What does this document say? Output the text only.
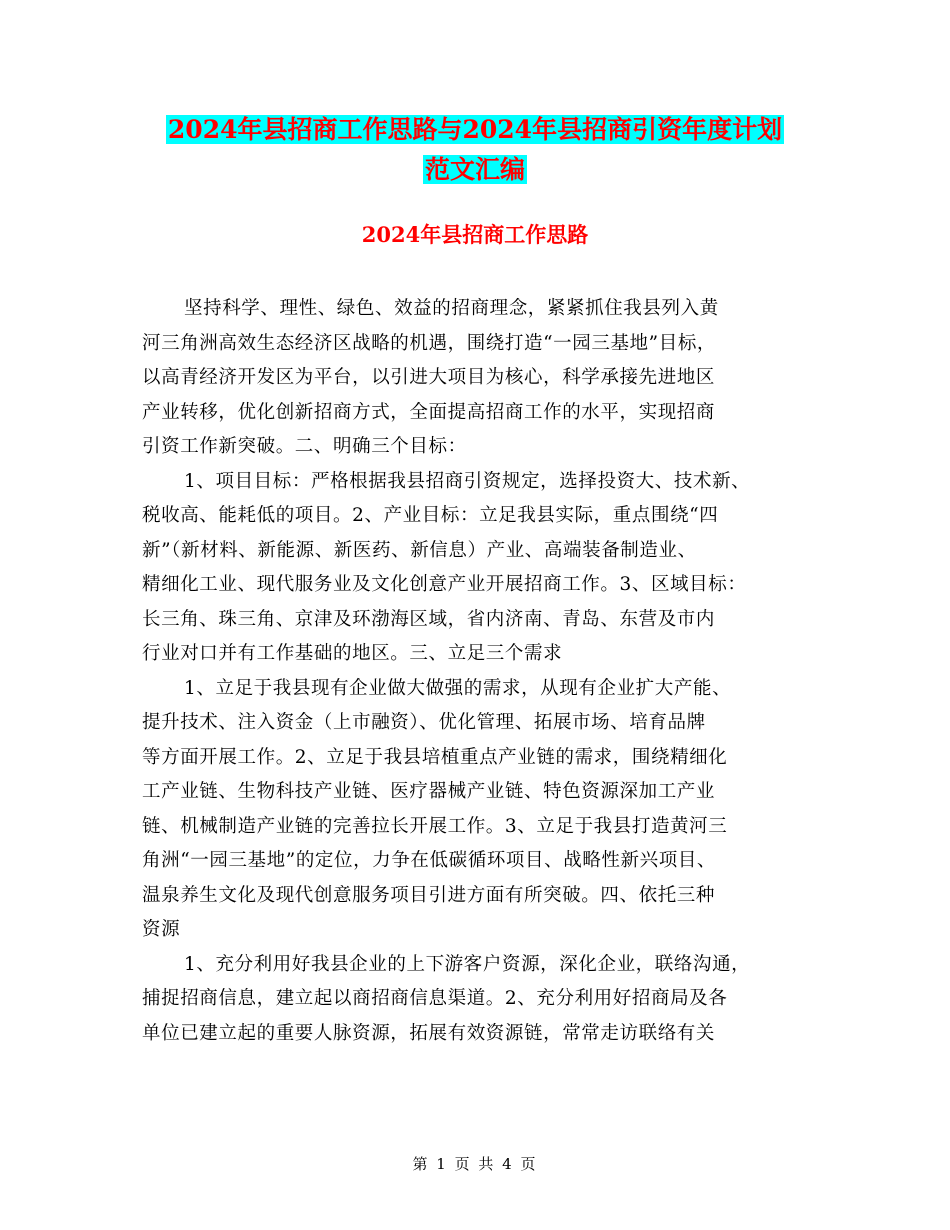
2024年县招商工作思路与2024年县招商引资年度计划
范文汇编
2024年县招商工作思路

坚持科学、理性、绿色、效益的招商理念，紧紧抓住我县列入黄

河三角洲高效生态经济区战略的机遇，围绕打造“一园三基地”目标，

以高青经济开发区为平台，以引进大项目为核心，科学承接先进地区

产业转移，优化创新招商方式，全面提高招商工作的水平，实现招商

引资工作新突破。二、明确三个目标：

1、项目目标：严格根据我县招商引资规定，选择投资大、技术新、

税收高、能耗低的项目。2、产业目标：立足我县实际，重点围绕“四

新”（新材料、新能源、新医药、新信息）产业、高端装备制造业、

精细化工业、现代服务业及文化创意产业开展招商工作。3、区域目标：

长三角、珠三角、京津及环渤海区域，省内济南、青岛、东营及市内

行业对口并有工作基础的地区。三、立足三个需求

1、立足于我县现有企业做大做强的需求，从现有企业扩大产能、

提升技术、注入资金（上市融资）、优化管理、拓展市场、培育品牌

等方面开展工作。2、立足于我县培植重点产业链的需求，围绕精细化

工产业链、生物科技产业链、医疗器械产业链、特色资源深加工产业

链、机械制造产业链的完善拉长开展工作。3、立足于我县打造黄河三

角洲“一园三基地”的定位，力争在低碳循环项目、战略性新兴项目、

温泉养生文化及现代创意服务项目引进方面有所突破。四、依托三种

资源

1、充分利用好我县企业的上下游客户资源，深化企业，联络沟通，

捕捉招商信息，建立起以商招商信息渠道。2、充分利用好招商局及各

单位已建立起的重要人脉资源，拓展有效资源链，常常走访联络有关

第 1 页 共 4 页
